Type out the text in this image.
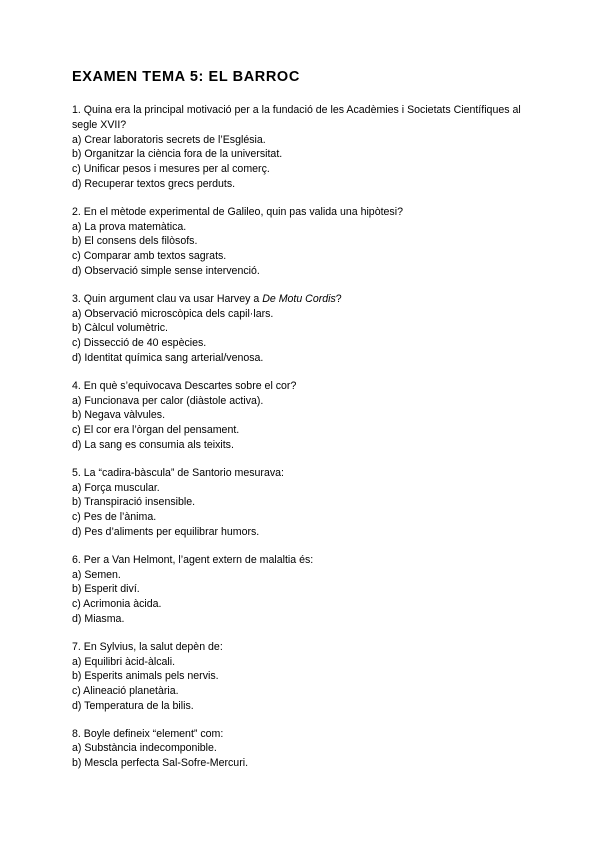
EXAMEN TEMA 5: EL BARROC

1. Quina era la principal motivació per a la fundació de les Acadèmies i Societats Científiques al segle XVII?

a) Crear laboratoris secrets de l’Església.

b) Organitzar la ciència fora de la universitat.

c) Unificar pesos i mesures per al comerç.

d) Recuperar textos grecs perduts.

2. En el mètode experimental de Galileo, quin pas valida una hipòtesi?

a) La prova matemàtica.

b) El consens dels filòsofs.

c) Comparar amb textos sagrats.

d) Observació simple sense intervenció.

3. Quin argument clau va usar Harvey a De Motu Cordis?

a) Observació microscòpica dels capil·lars.

b) Càlcul volumètric.

c) Dissecció de 40 espècies.

d) Identitat química sang arterial/venosa.

4. En què s’equivocava Descartes sobre el cor?

a) Funcionava per calor (diàstole activa).

b) Negava vàlvules.

c) El cor era l’òrgan del pensament.

d) La sang es consumia als teixits.

5. La “cadira-bàscula” de Santorio mesurava:

a) Força muscular.

b) Transpiració insensible.

c) Pes de l’ànima.

d) Pes d’aliments per equilibrar humors.

6. Per a Van Helmont, l’agent extern de malaltia és:

a) Semen.

b) Esperit diví.

c) Acrimonia àcida.

d) Miasma.

7. En Sylvius, la salut depèn de:

a) Equilibri àcid-àlcali.

b) Esperits animals pels nervis.

c) Alineació planetària.

d) Temperatura de la bilis.

8. Boyle defineix “element” com:

a) Substància indecomponible.

b) Mescla perfecta Sal-Sofre-Mercuri.
